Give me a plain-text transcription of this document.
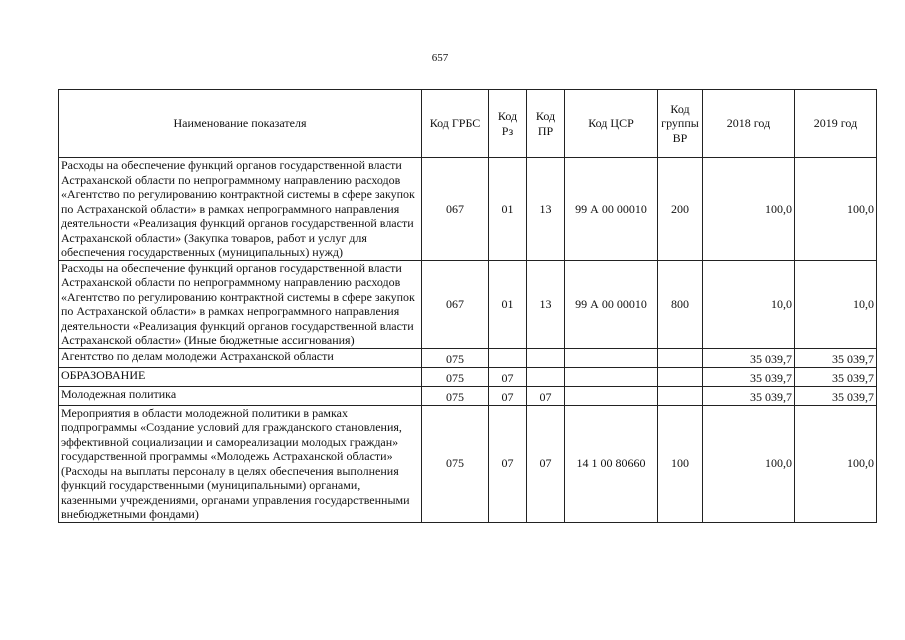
657
Наименование показателя	Код ГРБС	Код Рз	Код ПР	Код ЦСР	Код группы ВР	2018 год	2019 год
Расходы на обеспечение функций органов государственной власти Астраханской области по непрограммному направлению расходов «Агентство по регулированию контрактной системы в сфере закупок по Астраханской области» в рамках непрограммного направления деятельности «Реализация функций органов государственной власти Астраханской области» (Закупка товаров, работ и услуг для обеспечения государственных (муниципальных) нужд)	067	01	13	99 А 00 00010	200	100,0	100,0
Расходы на обеспечение функций органов государственной власти Астраханской области по непрограммному направлению расходов «Агентство по регулированию контрактной системы в сфере закупок по Астраханской области» в рамках непрограммного направления деятельности «Реализация функций органов государственной власти Астраханской области» (Иные бюджетные ассигнования)	067	01	13	99 А 00 00010	800	10,0	10,0
Агентство по делам молодежи Астраханской области	075					35 039,7	35 039,7
ОБРАЗОВАНИЕ	075	07				35 039,7	35 039,7
Молодежная политика	075	07	07			35 039,7	35 039,7
Мероприятия в области молодежной политики в рамках подпрограммы «Создание условий для гражданского становления, эффективной социализации и самореализации молодых граждан» государственной программы «Молодежь Астраханской области» (Расходы на выплаты персоналу в целях обеспечения выполнения функций государственными (муниципальными) органами, казенными учреждениями, органами управления государственными внебюджетными фондами)	075	07	07	14 1 00 80660	100	100,0	100,0
